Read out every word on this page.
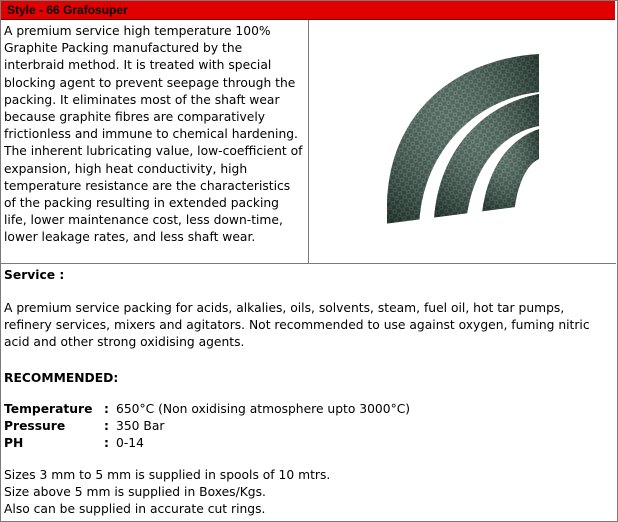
Style - 66 Grafosuper
A premium service high temperature 100% Graphite Packing manufactured by the interbraid method. It is treated with special blocking agent to prevent seepage through the packing. It eliminates most of the shaft wear because graphite fibres are comparatively frictionless and immune to chemical hardening. The inherent lubricating value, low-coefficient of expansion, high heat conductivity, high temperature resistance are the characteristics of the packing resulting in extended packing life, lower maintenance cost, less down-time, lower leakage rates, and less shaft wear.
Service :
A premium service packing for acids, alkalies, oils, solvents, steam, fuel oil, hot tar pumps, refinery services, mixers and agitators. Not recommended to use against oxygen, fuming nitric acid and other strong oxidising agents.
RECOMMENDED:
Temperature : 650°C (Non oxidising atmosphere upto 3000°C)
Pressure	: 350 Bar
PH	: 0-14
Sizes 3 mm to 5 mm is supplied in spools of 10 mtrs.
Size above 5 mm is supplied in Boxes/Kgs.
Also can be supplied in accurate cut rings.
